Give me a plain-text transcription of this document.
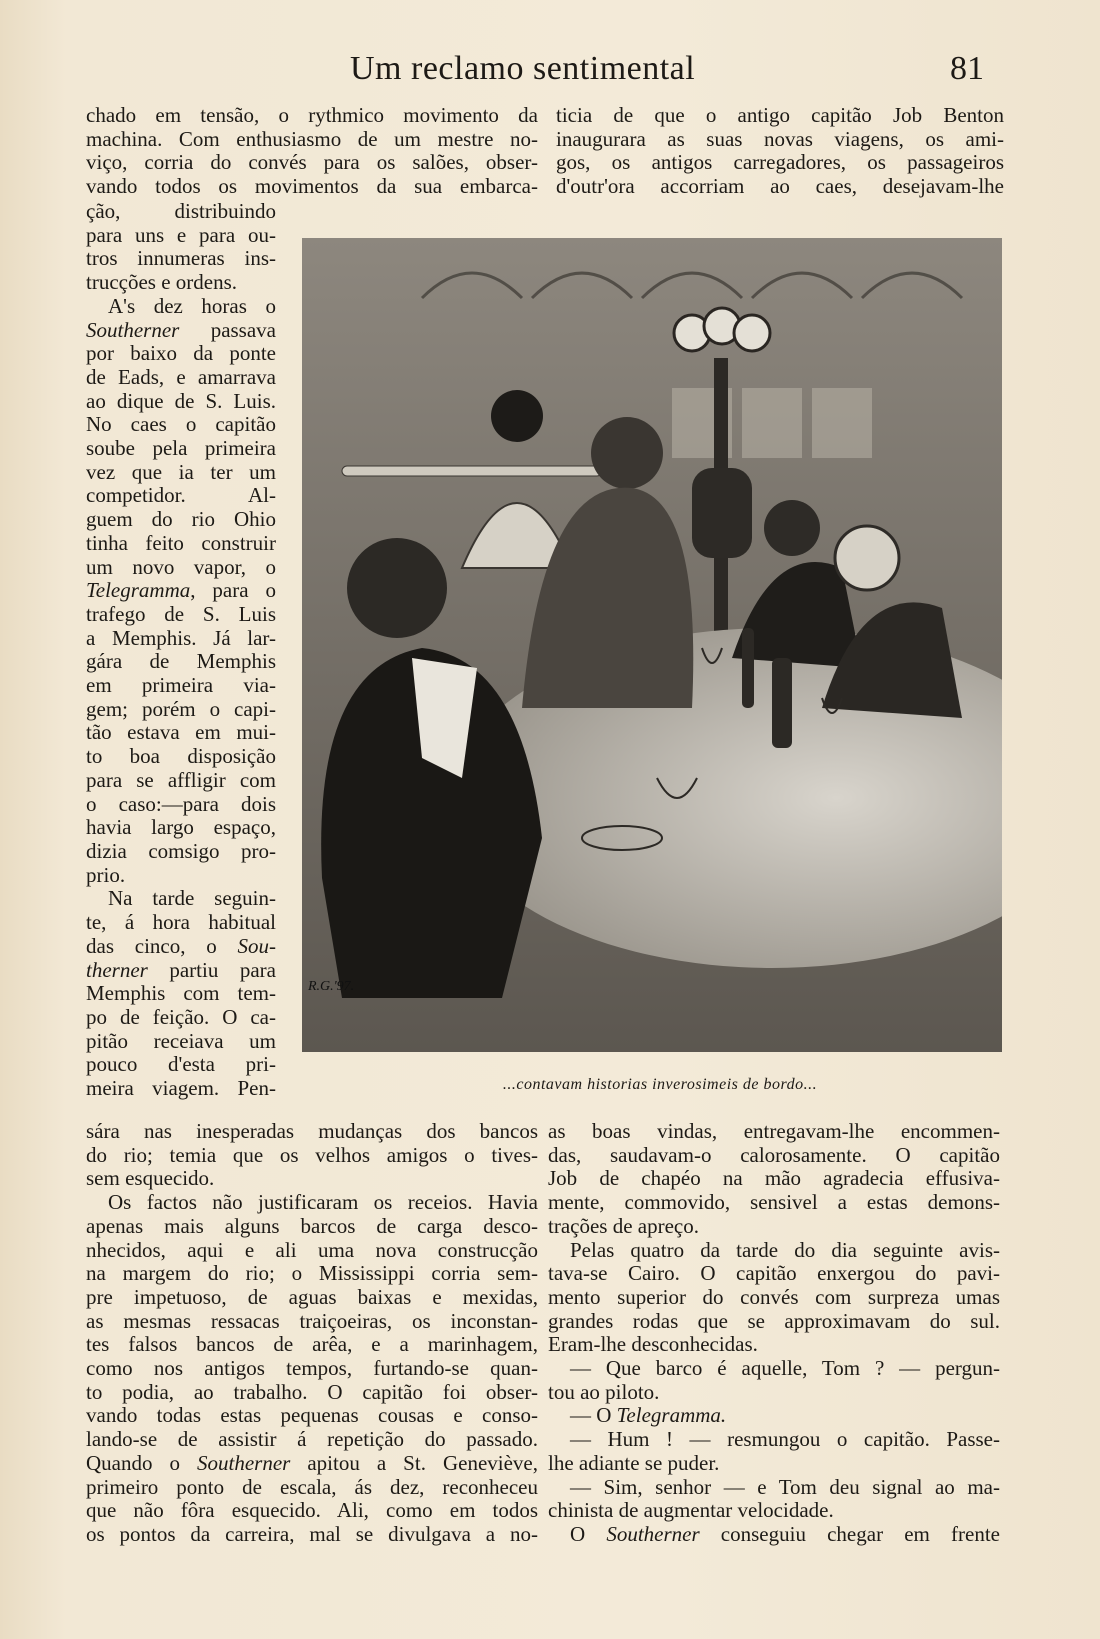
Um reclamo sentimental	81
chado em tensão, o rythmico movimento da
machina. Com enthusiasmo de um mestre no-
viço, corria do convés para os salões, obser-
vando todos os movimentos da sua embarca-
ticia de que o antigo capitão Job Benton
inaugurara as suas novas viagens, os ami-
gos, os antigos carregadores, os passageiros
d'outr'ora accorriam ao caes, desejavam-lhe
ção, distribuindo
para uns e para ou-
tros innumeras ins-
trucções e ordens.
A's dez horas o
Southerner passava
por baixo da ponte
de Eads, e amarrava
ao dique de S. Luis.
No caes o capitão
soube pela primeira
vez que ia ter um
competidor. Al-
guem do rio Ohio
tinha feito construir
um novo vapor, o
Telegramma, para o
trafego de S. Luis
a Memphis. Já lar-
gára de Memphis
em primeira via-
gem; porém o capi-
tão estava em mui-
to boa disposição
para se affligir com
o caso:—para dois
havia largo espaço,
dizia comsigo pro-
prio.
Na tarde seguin-
te, á hora habitual
das cinco, o Sou-
therner partiu para
Memphis com tem-
po de feição. O ca-
pitão receiava um
pouco d'esta pri-
meira viagem. Pen-
R.G.'97.
...contavam historias inverosimeis de bordo...
sára nas inesperadas mudanças dos bancos
do rio; temia que os velhos amigos o tives-
sem esquecido.
Os factos não justificaram os receios. Havia
apenas mais alguns barcos de carga desco-
nhecidos, aqui e ali uma nova construcção
na margem do rio; o Mississippi corria sem-
pre impetuoso, de aguas baixas e mexidas,
as mesmas ressacas traiçoeiras, os inconstan-
tes falsos bancos de arêa, e a marinhagem,
como nos antigos tempos, furtando-se quan-
to podia, ao trabalho. O capitão foi obser-
vando todas estas pequenas cousas e conso-
lando-se de assistir á repetição do passado.
Quando o Southerner apitou a St. Geneviève,
primeiro ponto de escala, ás dez, reconheceu
que não fôra esquecido. Ali, como em todos
os pontos da carreira, mal se divulgava a no-
as boas vindas, entregavam-lhe encommen-
das, saudavam-o calorosamente. O capitão
Job de chapéo na mão agradecia effusiva-
mente, commovido, sensivel a estas demons-
trações de apreço.
Pelas quatro da tarde do dia seguinte avis-
tava-se Cairo. O capitão enxergou do pavi-
mento superior do convés com surpreza umas
grandes rodas que se approximavam do sul.
Eram-lhe desconhecidas.
— Que barco é aquelle, Tom ? — pergun-
tou ao piloto.
— O Telegramma.
— Hum ! — resmungou o capitão. Passe-
lhe adiante se puder.
— Sim, senhor — e Tom deu signal ao ma-
chinista de augmentar velocidade.
O Southerner conseguiu chegar em frente
